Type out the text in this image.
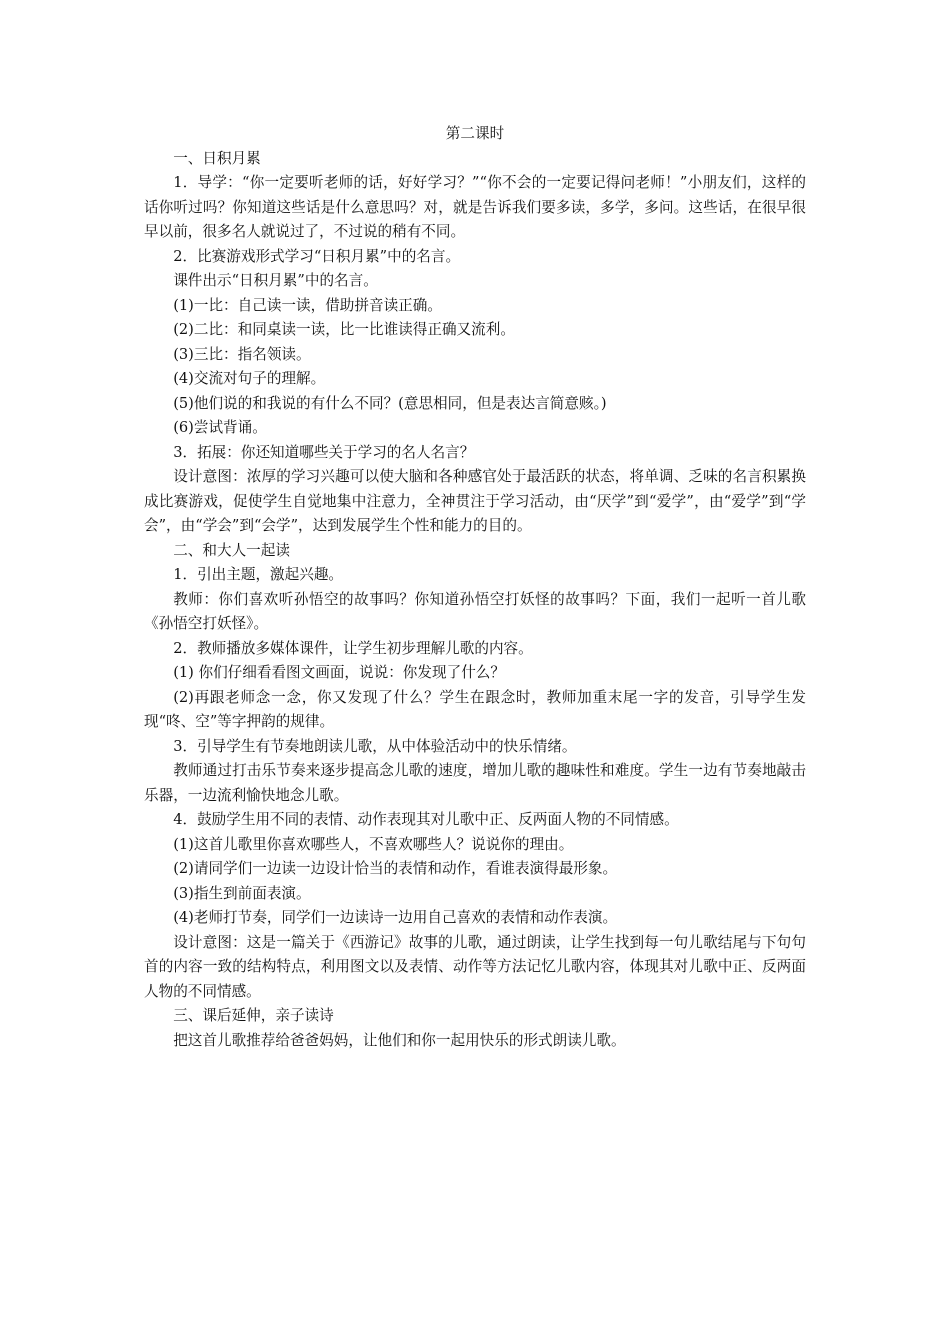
第二课时

一、日积月累

1．导学：“你一定要听老师的话，好好学习？”“你不会的一定要记得问老师！”小朋友们，这样的话你听过吗？你知道这些话是什么意思吗？对，就是告诉我们要多读，多学，多问。这些话，在很早很早以前，很多名人就说过了，不过说的稍有不同。

2．比赛游戏形式学习“日积月累”中的名言。

课件出示“日积月累”中的名言。

(1)一比：自己读一读，借助拼音读正确。

(2)二比：和同桌读一读，比一比谁读得正确又流利。

(3)三比：指名领读。

(4)交流对句子的理解。

(5)他们说的和我说的有什么不同？(意思相同，但是表达言简意赅。)

(6)尝试背诵。

3．拓展：你还知道哪些关于学习的名人名言？

设计意图：浓厚的学习兴趣可以使大脑和各种感官处于最活跃的状态，将单调、乏味的名言积累换成比赛游戏，促使学生自觉地集中注意力，全神贯注于学习活动，由“厌学”到“爱学”，由“爱学”到“学会”，由“学会”到“会学”，达到发展学生个性和能力的目的。

二、和大人一起读

1．引出主题，激起兴趣。

教师：你们喜欢听孙悟空的故事吗？你知道孙悟空打妖怪的故事吗？下面，我们一起听一首儿歌《孙悟空打妖怪》。

2．教师播放多媒体课件，让学生初步理解儿歌的内容。

(1) 你们仔细看看图文画面，说说：你发现了什么？

(2)再跟老师念一念，你又发现了什么？学生在跟念时，教师加重末尾一字的发音，引导学生发现“咚、空”等字押韵的规律。

3．引导学生有节奏地朗读儿歌，从中体验活动中的快乐情绪。

教师通过打击乐节奏来逐步提高念儿歌的速度，增加儿歌的趣味性和难度。学生一边有节奏地敲击乐器，一边流利愉快地念儿歌。

4．鼓励学生用不同的表情、动作表现其对儿歌中正、反两面人物的不同情感。

(1)这首儿歌里你喜欢哪些人，不喜欢哪些人？说说你的理由。

(2)请同学们一边读一边设计恰当的表情和动作，看谁表演得最形象。

(3)指生到前面表演。

(4)老师打节奏，同学们一边读诗一边用自己喜欢的表情和动作表演。

设计意图：这是一篇关于《西游记》故事的儿歌，通过朗读，让学生找到每一句儿歌结尾与下句句首的内容一致的结构特点，利用图文以及表情、动作等方法记忆儿歌内容，体现其对儿歌中正、反两面人物的不同情感。

三、课后延伸，亲子读诗

把这首儿歌推荐给爸爸妈妈，让他们和你一起用快乐的形式朗读儿歌。
